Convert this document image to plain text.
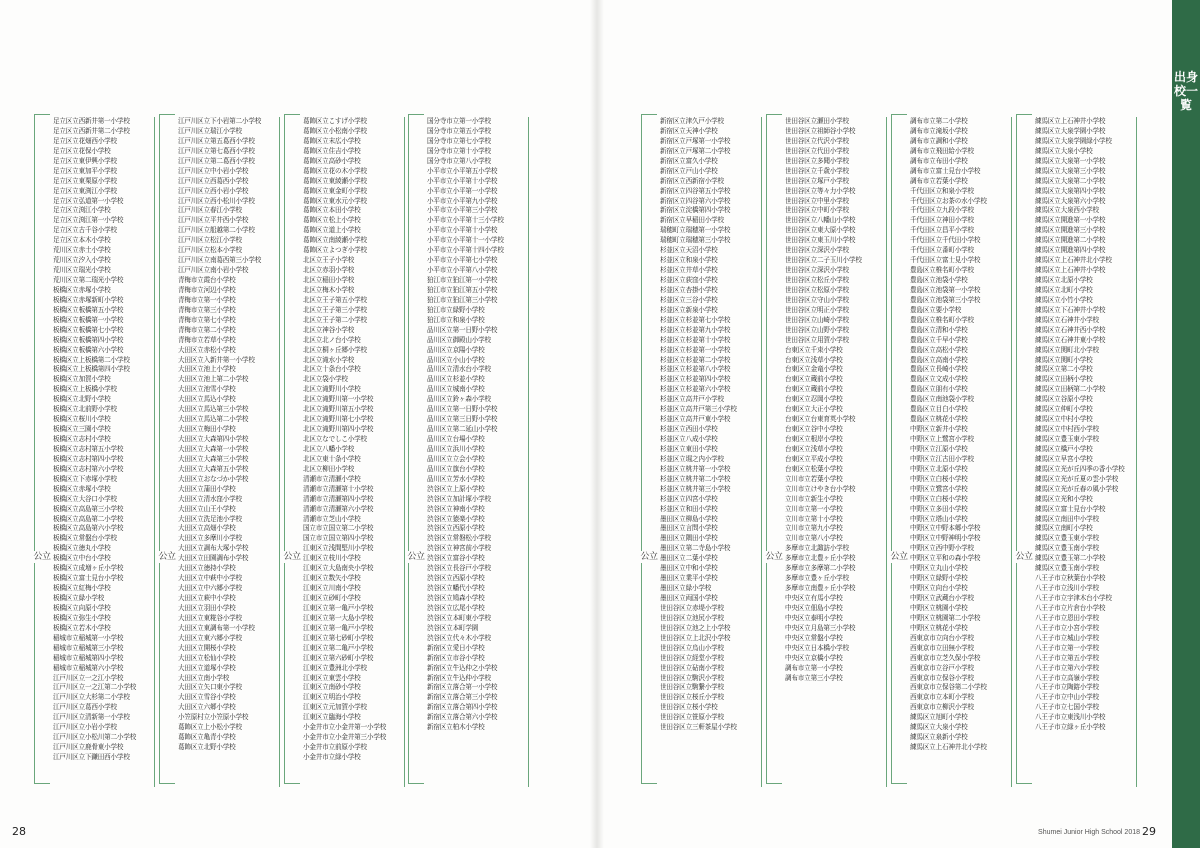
公立
足立区立西新井第一小学校
足立区立西新井第二小学校
足立区立花畑西小学校
足立区立花保小学校
足立区立東伊興小学校
足立区立東加平小学校
足立区立東栗原小学校
足立区立東渕江小学校
足立区立弘道第一小学校
足立区立渕江小学校
足立区立渕江第一小学校
足立区立古千谷小学校
足立区立本木小学校
荒川区立赤土小学校
荒川区立汐入小学校
荒川区立瑞光小学校
荒川区立第二瑞光小学校
板橋区立赤塚小学校
板橋区立赤塚新町小学校
板橋区立板橋第五小学校
板橋区立板橋第一小学校
板橋区立板橋第七小学校
板橋区立板橋第四小学校
板橋区立板橋第六小学校
板橋区立上板橋第二小学校
板橋区立上板橋第四小学校
板橋区立加賀小学校
板橋区立上板橋小学校
板橋区立北野小学校
板橋区立北前野小学校
板橋区立桜川小学校
板橋区立三園小学校
板橋区立志村小学校
板橋区立志村第五小学校
板橋区立志村第四小学校
板橋区立志村第六小学校
板橋区立下赤塚小学校
板橋区立赤塚小学校
板橋区立大谷口小学校
板橋区立高島第三小学校
板橋区立高島第二小学校
板橋区立高島第六小学校
板橋区立常盤台小学校
板橋区立徳丸小学校
板橋区立中台小学校
板橋区立成増ヶ丘小学校
板橋区立富士見台小学校
板橋区立紅梅小学校
板橋区立緑小学校
板橋区立向原小学校
板橋区立弥生小学校
板橋区立若木小学校
稲城市立稲城第一小学校
稲城市立稲城第三小学校
稲城市立稲城第四小学校
稲城市立稲城第六小学校
江戸川区立一之江小学校
江戸川区立一之江第二小学校
江戸川区立大杉第二小学校
江戸川区立葛西小学校
江戸川区立清新第一小学校
江戸川区立小岩小学校
江戸川区立小松川第二小学校
江戸川区立鹿骨東小学校
江戸川区立下鎌田西小学校
公立
江戸川区立下小岩第二小学校
江戸川区立瑞江小学校
江戸川区立第五葛西小学校
江戸川区立第七葛西小学校
江戸川区立第二葛西小学校
江戸川区立中小岩小学校
江戸川区立西葛西小学校
江戸川区立西小岩小学校
江戸川区立西小松川小学校
江戸川区立春江小学校
江戸川区立平井西小学校
江戸川区立船越第二小学校
江戸川区立松江小学校
江戸川区立松本小学校
江戸川区立南葛西第三小学校
江戸川区立南小岩小学校
青梅市立霞台小学校
青梅市立河辺小学校
青梅市立第一小学校
青梅市立第三小学校
青梅市立第七小学校
青梅市立第二小学校
青梅市立若草小学校
大田区立赤松小学校
大田区立入新井第一小学校
大田区立池上小学校
大田区立池上第二小学校
大田区立池雪小学校
大田区立馬込小学校
大田区立馬込第三小学校
大田区立馬込第二小学校
大田区立梅田小学校
大田区立大森第四小学校
大田区立大森第一小学校
大田区立大森第三小学校
大田区立大森第五小学校
大田区立おなづか小学校
大田区立蒲田小学校
大田区立清水窪小学校
大田区立山王小学校
大田区立洗足池小学校
大田区立高畑小学校
大田区立多摩川小学校
大田区立調布大塚小学校
大田区立田園調布小学校
大田区立徳持小学校
大田区立中萩中小学校
大田区立中六郷小学校
大田区立萩中小学校
大田区立羽田小学校
大田区立東糀谷小学校
大田区立東調布第一小学校
大田区立東六郷小学校
大田区立開桜小学校
大田区立松仙小学校
大田区立道塚小学校
大田区立南小学校
大田区立矢口東小学校
大田区立雪谷小学校
大田区立六郷小学校
小笠原村立小笠原小学校
葛飾区立上小松小学校
葛飾区立亀青小学校
葛飾区立北野小学校
公立
葛飾区立こすげ小学校
葛飾区立小松南小学校
葛飾区立末広小学校
葛飾区立住吉小学校
葛飾区立高砂小学校
葛飾区立花の木小学校
葛飾区立東綾瀬小学校
葛飾区立東金町小学校
葛飾区立東水元小学校
葛飾区立本田小学校
葛飾区立松上小学校
葛飾区立道上小学校
葛飾区立南綾瀬小学校
葛飾区立よつぎ小学校
北区立王子小学校
北区立赤羽小学校
北区立稲田小学校
北区立梅木小学校
北区立王子第五小学校
北区立王子第三小学校
北区立王子第二小学校
北区立神谷小学校
北区立北ノ台小学校
北区立桐ヶ丘郷小学校
北区立滝水小学校
北区立十条台小学校
北区立袋小学校
北区立滝野川小学校
北区立滝野川第一小学校
北区立滝野川第五小学校
北区立滝野川第七小学校
北区立滝野川第四小学校
北区立なでしこ小学校
北区立八幡小学校
北区立東十条小学校
北区立柳田小学校
清瀬市立清瀬小学校
清瀬市立清瀬第十小学校
清瀬市立清瀬第四小学校
清瀬市立清瀬第六小学校
清瀬市立芝山小学校
国立市立国立第二小学校
国立市立国立第四小学校
江東区立浅間堅川小学校
江東区立枝川小学校
江東区立大島南央小学校
江東区立数矢小学校
江東区立川南小学校
江東区立砂町小学校
江東区立第一亀戸小学校
江東区立第一大島小学校
江東区立第一亀戸小学校
江東区立第七砂町小学校
江東区立第二亀戸小学校
江東区立第六砂町小学校
江東区立豊洲北小学校
江東区立東雲小学校
江東区立南砂小学校
江東区立明治小学校
江東区立元加賀小学校
江東区立臨海小学校
小金井市立小金井第一小学校
小金井市立小金井第三小学校
小金井市立前原小学校
小金井市立緑小学校
公立
国分寺市立第一小学校
国分寺市立第五小学校
国分寺市立第七小学校
国分寺市立第十小学校
国分寺市立第八小学校
小平市立小平第五小学校
小平市立小平第十小学校
小平市立小平第一小学校
小平市立小平第九小学校
小平市立小平第三小学校
小平市立小平第十三小学校
小平市立小平第十小学校
小平市立小平第十一小学校
小平市立小平第十四小学校
小平市立小平第七小学校
小平市立小平第八小学校
狛江市立狛江第一小学校
狛江市立狛江第五小学校
狛江市立狛江第三小学校
狛江市立緑野小学校
狛江市立和泉小学校
品川区立第一日野小学校
品川区立御殿山小学校
品川区立京陽小学校
品川区立小山小学校
品川区立清水台小学校
品川区立杉並小学校
品川区立城南小学校
品川区立鈴ヶ森小学校
品川区立第一日野小学校
品川区立第三日野小学校
品川区立第二延山小学校
品川区立台場小学校
品川区立浜川小学校
品川区立立会小学校
品川区立旗台小学校
品川区立芳水小学校
渋谷区立上原小学校
渋谷区立加計塚小学校
渋谷区立神南小学校
渋谷区立猿楽小学校
渋谷区立西原小学校
渋谷区立常磐松小学校
渋谷区立神宮前小学校
渋谷区立富谷小学校
渋谷区立長谷戸小学校
渋谷区立西原小学校
渋谷区立幡代小学校
渋谷区立鳩森小学校
渋谷区立広尾小学校
渋谷区立本町東小学校
渋谷区立本町学園
渋谷区立代々木小学校
新宿区立愛日小学校
新宿区立市谷小学校
新宿区立牛込仲之小学校
新宿区立牛込仲小学校
新宿区立落合第一小学校
新宿区立落合第三小学校
新宿区立落合第四小学校
新宿区立落合第六小学校
新宿区立柏木小学校
公立
新宿区立津久戸小学校
新宿区立天神小学校
新宿区立戸塚第一小学校
新宿区立戸塚第二小学校
新宿区立富久小学校
新宿区立戸山小学校
新宿区立西新宿小学校
新宿区立四谷第五小学校
新宿区立四谷第六小学校
新宿区立淀橋第四小学校
新宿区立早稲田小学校
瑞穂町立瑞穂第一小学校
瑞穂町立瑞穂第三小学校
杉並区立天沼小学校
杉並区立和泉小学校
杉並区立井草小学校
杉並区立荻窪小学校
杉並区立杏掛小学校
杉並区立三谷小学校
杉並区立新泉小学校
杉並区立杉並第七小学校
杉並区立杉並第九小学校
杉並区立杉並第十小学校
杉並区立杉並第一小学校
杉並区立杉並第二小学校
杉並区立杉並第八小学校
杉並区立杉並第四小学校
杉並区立杉並第六小学校
杉並区立高井戸小学校
杉並区立高井戸第三小学校
杉並区立高井戸東小学校
杉並区立西田小学校
杉並区立八成小学校
杉並区立東田小学校
杉並区立堀之内小学校
杉並区立桃井第一小学校
杉並区立桃井第二小学校
杉並区立桃井第三小学校
杉並区立四宮小学校
杉並区立和田小学校
墨田区立柳島小学校
墨田区立言問小学校
墨田区立隅田小学校
墨田区立第二寺島小学校
墨田区立二葉小学校
墨田区立中和小学校
墨田区立業平小学校
墨田区立緑小学校
墨田区立両国小学校
世田谷区立赤堤小学校
世田谷区立池尻小学校
世田谷区立池之上小学校
世田谷区立上北沢小学校
世田谷区立烏山小学校
世田谷区立経堂小学校
世田谷区立砧南小学校
世田谷区立駒沢小学校
世田谷区立駒繋小学校
世田谷区立桜丘小学校
世田谷区立桜小学校
世田谷区立笹原小学校
世田谷区立三軒茶屋小学校
公立
世田谷区立瀬田小学校
世田谷区立祖師谷小学校
世田谷区立代沢小学校
世田谷区立代田小学校
世田谷区立多聞小学校
世田谷区立千歳小学校
世田谷区立塚戸小学校
世田谷区立等々力小学校
世田谷区立中里小学校
世田谷区立中町小学校
世田谷区立八幡山小学校
世田谷区立東大原小学校
世田谷区立東玉川小学校
世田谷区立深沢小学校
世田谷区立二子玉川小学校
世田谷区立深沢小学校
世田谷区立松丘小学校
世田谷区立松原小学校
世田谷区立守山小学校
世田谷区立明正小学校
世田谷区立山崎小学校
世田谷区立山野小学校
世田谷区立用賀小学校
台東区立千束小学校
台東区立浅草小学校
台東区立金竜小学校
台東区立蔵前小学校
台東区立蔵前小学校
台東区立忍岡小学校
台東区立大正小学校
台東区立台東育英小学校
台東区立谷中小学校
台東区立根岸小学校
台東区立浅草小学校
台東区立平成小学校
台東区立松葉小学校
立川市立若葉小学校
立川市立けやき台小学校
立川市立新生小学校
立川市立第一小学校
立川市立第十小学校
立川市立第九小学校
立川市立第八小学校
多摩市立北諏訪小学校
多摩市立北豊ヶ丘小学校
多摩市立多摩第二小学校
多摩市立豊ヶ丘小学校
多摩市立南豊ヶ丘小学校
中央区立有馬小学校
中央区立佃島小学校
中央区立泰明小学校
中央区立月島第三小学校
中央区立常盤小学校
中央区立日本橋小学校
中央区立京橋小学校
調布市立第一小学校
調布市立第三小学校
公立
調布市立第二小学校
調布市立滝坂小学校
調布市立調和小学校
調布市立飛田給小学校
調布市立布田小学校
調布市立富士見台小学校
調布市立若葉小学校
千代田区立和泉小学校
千代田区立お茶の水小学校
千代田区立九段小学校
千代田区立神田小学校
千代田区立昌平小学校
千代田区立千代田小学校
千代田区立番町小学校
千代田区立富士見小学校
豊島区立椎名町小学校
豊島区立池袋小学校
豊島区立池袋第一小学校
豊島区立池袋第三小学校
豊島区立要小学校
豊島区立椎名町小学校
豊島区立清和小学校
豊島区立千早小学校
豊島区立高松小学校
豊島区立高南小学校
豊島区立長崎小学校
豊島区立文成小学校
豊島区立朋有小学校
豊島区立南池袋小学校
豊島区立目白小学校
豊島区立桃花小学校
中野区立新井小学校
中野区立上鷺宮小学校
中野区立江原小学校
中野区立江古田小学校
中野区立北原小学校
中野区立白桜小学校
中野区立鷺宮小学校
中野区立白桜小学校
中野区立多田小学校
中野区立塔山小学校
中野区立中野本郷小学校
中野区立中野神明小学校
中野区立西中野小学校
中野区立平和の森小学校
中野区立丸山小学校
中野区立緑野小学校
中野区立向台小学校
中野区立武蔵台小学校
中野区立桃園小学校
中野区立桃園第二小学校
中野区立桃花小学校
西東京市立向台小学校
西東京市立田無小学校
西東京市立芝久保小学校
西東京市立谷戸小学校
西東京市立保谷小学校
西東京市立保谷第二小学校
西東京市立本町小学校
西東京市立柳沢小学校
練馬区立旭町小学校
練馬区立大泉小学校
練馬区立泉新小学校
練馬区立上石神井北小学校
公立
練馬区立上石神井小学校
練馬区立大泉学園小学校
練馬区立大泉学園緑小学校
練馬区立大泉小学校
練馬区立大泉第一小学校
練馬区立大泉第三小学校
練馬区立大泉第二小学校
練馬区立大泉第四小学校
練馬区立大泉第六小学校
練馬区立大泉西小学校
練馬区立開進第一小学校
練馬区立開進第三小学校
練馬区立開進第二小学校
練馬区立開進第四小学校
練馬区立上石神井北小学校
練馬区立上石神井小学校
練馬区立北原小学校
練馬区立北町小学校
練馬区立小竹小学校
練馬区立下石神井小学校
練馬区立石神井小学校
練馬区立石神井西小学校
練馬区立石神井東小学校
練馬区立関町北小学校
練馬区立関町小学校
練馬区立第二小学校
練馬区立田柄小学校
練馬区立田柄第二小学校
練馬区立谷原小学校
練馬区立仲町小学校
練馬区立中村小学校
練馬区立中村西小学校
練馬区立豊玉東小学校
練馬区立橋戸小学校
練馬区立早宮小学校
練馬区立光が丘四季の香小学校
練馬区立光が丘夏の雲小学校
練馬区立光が丘春の風小学校
練馬区立光和小学校
練馬区立富士見台小学校
練馬区立南田中小学校
練馬区立南町小学校
練馬区立豊玉東小学校
練馬区立豊玉南小学校
練馬区立豊玉第二小学校
練馬区立豊玉南小学校
八王子市立秋葉台小学校
八王子市立浅川小学校
八王子市立宇津木台小学校
八王子市立片倉台小学校
八王子市立恩田小学校
八王子市立小宮小学校
八王子市立城山小学校
八王子市立第一小学校
八王子市立第五小学校
八王子市立第六小学校
八王子市立高嶺小学校
八王子市立陶鎔小学校
八王子市立中山小学校
八王子市立七国小学校
八王子市立東浅川小学校
八王子市立緑ヶ丘小学校
出身校一覧
28	Shumei Junior High School 2018 29
